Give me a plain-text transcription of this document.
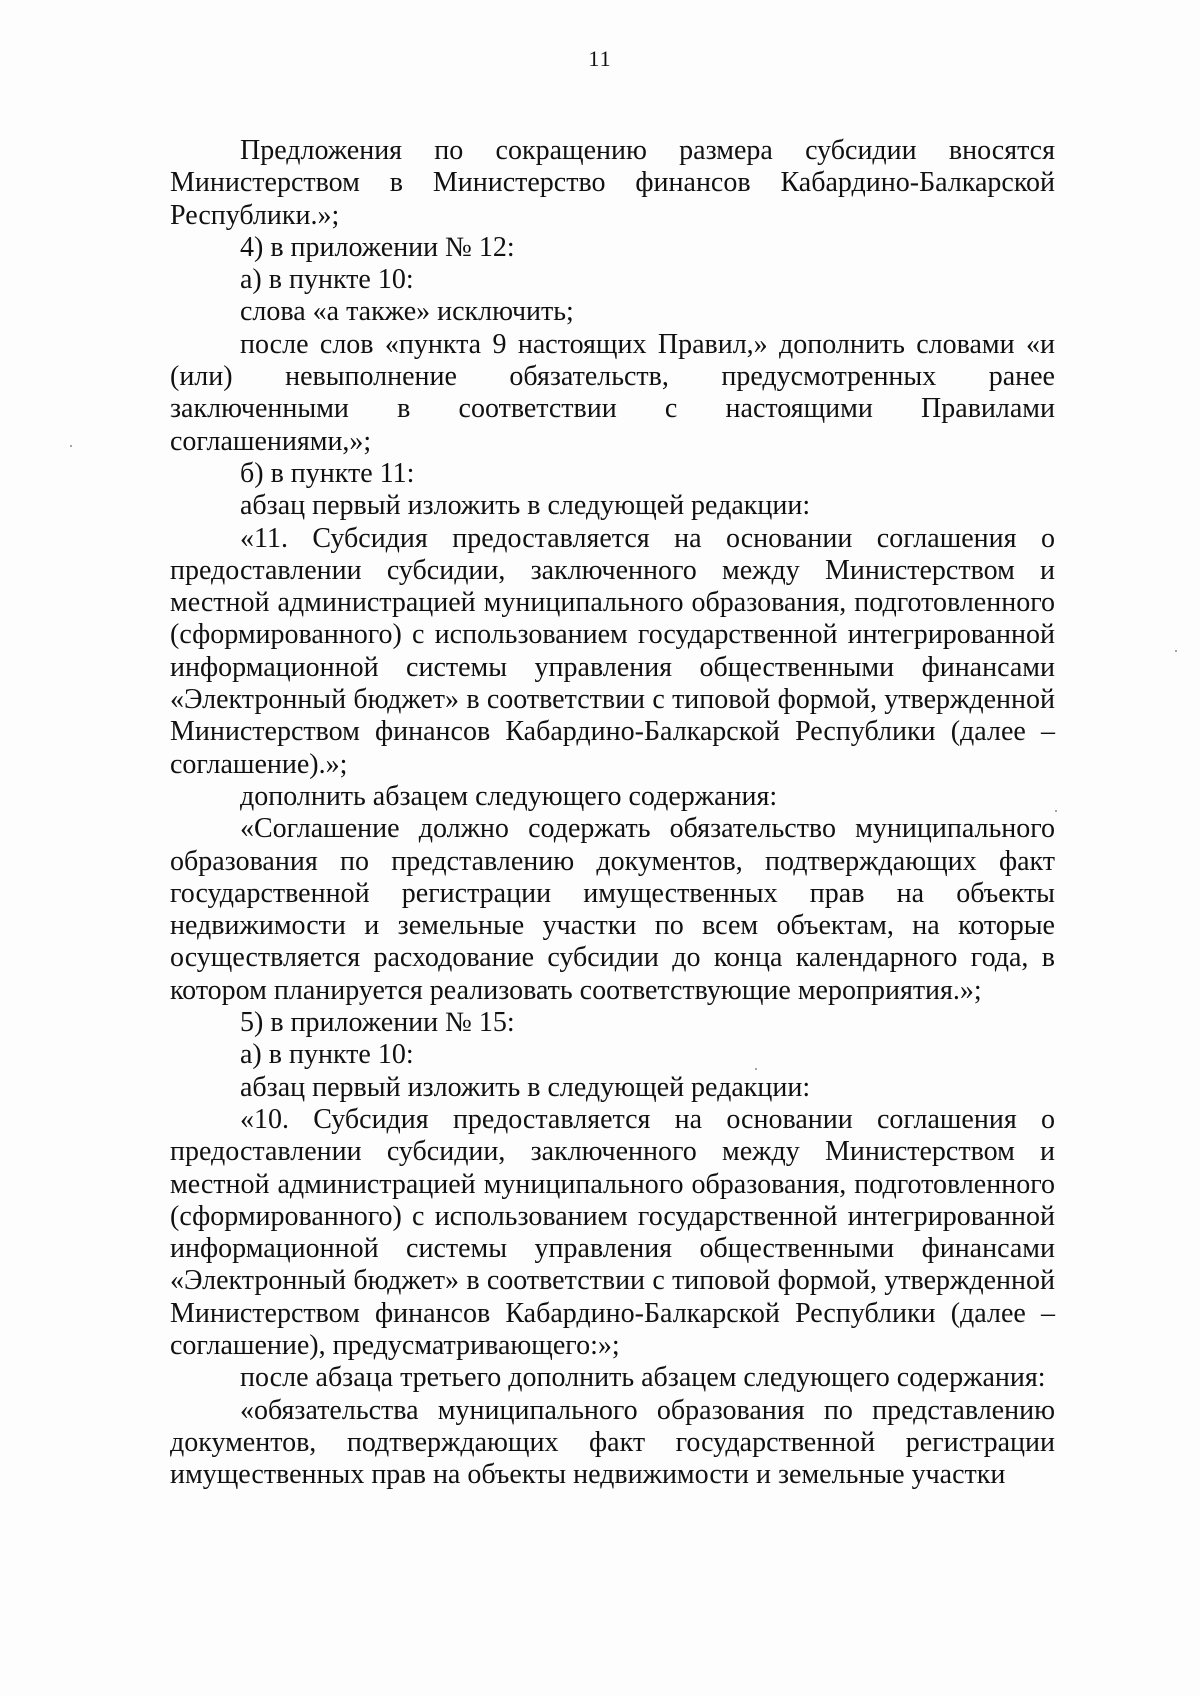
11

Предложения по сокращению размера субсидии вносятся Министерством в Министерство финансов Кабардино-Балкарской Республики.»;

4) в приложении № 12:

а) в пункте 10:

слова «а также» исключить;

после слов «пункта 9 настоящих Правил,» дополнить словами «и (или) невыполнение обязательств, предусмотренных ранее заключенными в соответствии с настоящими Правилами соглашениями,»;

б) в пункте 11:

абзац первый изложить в следующей редакции:

«11. Субсидия предоставляется на основании соглашения о предоставлении субсидии, заключенного между Министерством и местной администрацией муниципального образования, подготовленного (сформированного) с использованием государственной интегрированной информационной системы управления общественными финансами «Электронный бюджет» в соответствии с типовой формой, утвержденной Министерством финансов Кабардино-Балкарской Республики (далее – соглашение).»;

дополнить абзацем следующего содержания:

«Соглашение должно содержать обязательство муниципального образования по представлению документов, подтверждающих факт государственной регистрации имущественных прав на объекты недвижимости и земельные участки по всем объектам, на которые осуществляется расходование субсидии до конца календарного года, в котором планируется реализовать соответствующие мероприятия.»;

5) в приложении № 15:

а) в пункте 10:

абзац первый изложить в следующей редакции:

«10. Субсидия предоставляется на основании соглашения о предоставлении субсидии, заключенного между Министерством и местной администрацией муниципального образования, подготовленного (сформированного) с использованием государственной интегрированной информационной системы управления общественными финансами «Электронный бюджет» в соответствии с типовой формой, утвержденной Министерством финансов Кабардино-Балкарской Республики (далее – соглашение), предусматривающего:»;

после абзаца третьего дополнить абзацем следующего содержания:

«обязательства муниципального образования по представлению документов, подтверждающих факт государственной регистрации имущественных прав на объекты недвижимости и земельные участки
